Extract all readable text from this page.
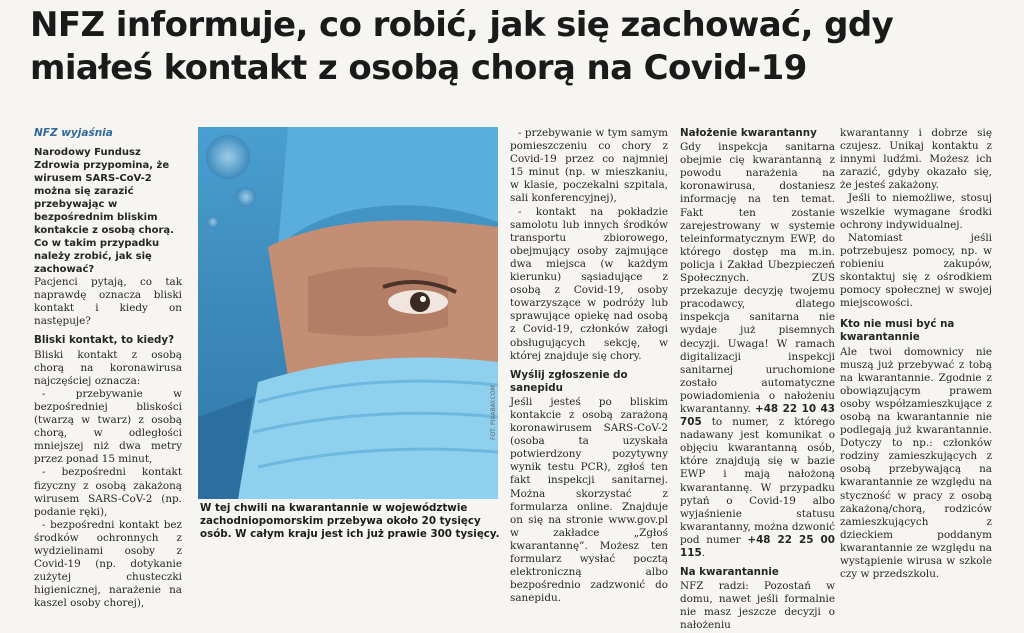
NFZ informuje, co robić, jak się zachować, gdy
miałeś kontakt z osobą chorą na Covid-19
NFZ wyjaśnia

Narodowy Fundusz Zdrowia przypomina, że wirusem SARS-CoV-2 można się zarazić przebywając w bezpośrednim bliskim kontakcie z osobą chorą. Co w takim przypadku należy zrobić, jak się zachować?

Pacjenci pytają, co tak naprawdę oznacza bliski kontakt i kiedy on następuje?

Bliski kontakt, to kiedy?

Bliski kontakt z osobą chorą na koronawirusa najczęściej oznacza:

- przebywanie w bezpośredniej bliskości (twarzą w twarz) z osobą chorą, w odległości mniejszej niż dwa metry przez ponad 15 minut,

- bezpośredni kontakt fizyczny z osobą zakażoną wirusem SARS-CoV-2 (np. podanie ręki),

- bezpośredni kontakt bez środków ochronnych z wydzielinami osoby z Covid-19 (np. dotykanie zużytej chusteczki higienicznej, narażenie na kaszel osoby chorej),

FOT. PIXABAY.COM
W tej chwili na kwarantannie w województwie zachodniopomorskim przebywa około 20 tysięcy osób. W całym kraju jest ich już prawie 300 tysięcy.

- przebywanie w tym samym pomieszczeniu co chory z Covid-19 przez co najmniej 15 minut (np. w mieszkaniu, w klasie, poczekalni szpitala, sali konferencyjnej),

- kontakt na pokładzie samolotu lub innych środków transportu zbiorowego, obejmujący osoby zajmujące dwa miejsca (w każdym kierunku) sąsiadujące z osobą z Covid-19, osoby towarzyszące w podróży lub sprawujące opiekę nad osobą z Covid-19, członków załogi obsługujących sekcję, w której znajduje się chory.

Wyślij zgłoszenie do sanepidu

Jeśli jesteś po bliskim kontakcie z osobą zarażoną koronawirusem SARS-CoV-2 (osoba ta uzyskała potwierdzony pozytywny wynik testu PCR), zgłoś ten fakt inspekcji sanitarnej. Można skorzystać z formularza online. Znajduje on się na stronie www.gov.pl w zakładce „Zgłoś kwarantannę”. Możesz ten formularz wysłać pocztą elektroniczną albo bezpośrednio zadzwonić do sanepidu.

Nałożenie kwarantanny

Gdy inspekcja sanitarna obejmie cię kwarantanną z powodu narażenia na koronawirusa, dostaniesz informację na ten temat. Fakt ten zostanie zarejestrowany w systemie teleinformatycznym EWP, do którego dostęp ma m.in. policja i Zakład Ubezpieczeń Społecznych. ZUS przekazuje decyzję twojemu pracodawcy, dlatego inspekcja sanitarna nie wydaje już pisemnych decyzji. Uwaga! W ramach digitalizacji inspekcji sanitarnej uruchomione zostało automatyczne powiadomienia o nałożeniu kwarantanny. +48 22 10 43 705 to numer, z którego nadawany jest komunikat o objęciu kwarantanną osób, które znajdują się w bazie EWP i mają nałożoną kwarantannę. W przypadku pytań o Covid-19 albo wyjaśnienie statusu kwarantanny, można dzwonić pod numer +48 22 25 00 115.

Na kwarantannie

NFZ radzi: Pozostań w domu, nawet jeśli formalnie nie masz jeszcze decyzji o nałożeniu

kwarantanny i dobrze się czujesz. Unikaj kontaktu z innymi ludźmi. Możesz ich zarazić, gdyby okazało się, że jesteś zakażony.

Jeśli to niemożliwe, stosuj wszelkie wymagane środki ochrony indywidualnej.

Natomiast jeśli potrzebujesz pomocy, np. w robieniu zakupów, skontaktuj się z ośrodkiem pomocy społecznej w swojej miejscowości.

Kto nie musi być na kwarantannie

Ale twoi domownicy nie muszą już przebywać z tobą na kwarantannie. Zgodnie z obowiązującym prawem osoby współzamieszkujące z osobą na kwarantannie nie podlegają już kwarantannie. Dotyczy to np.: członków rodziny zamieszkujących z osobą przebywającą na kwarantannie ze względu na styczność w pracy z osobą zakażoną/chorą, rodziców zamieszkujących z dzieckiem poddanym kwarantannie ze względu na wystąpienie wirusa w szkole czy w przedszkolu.
